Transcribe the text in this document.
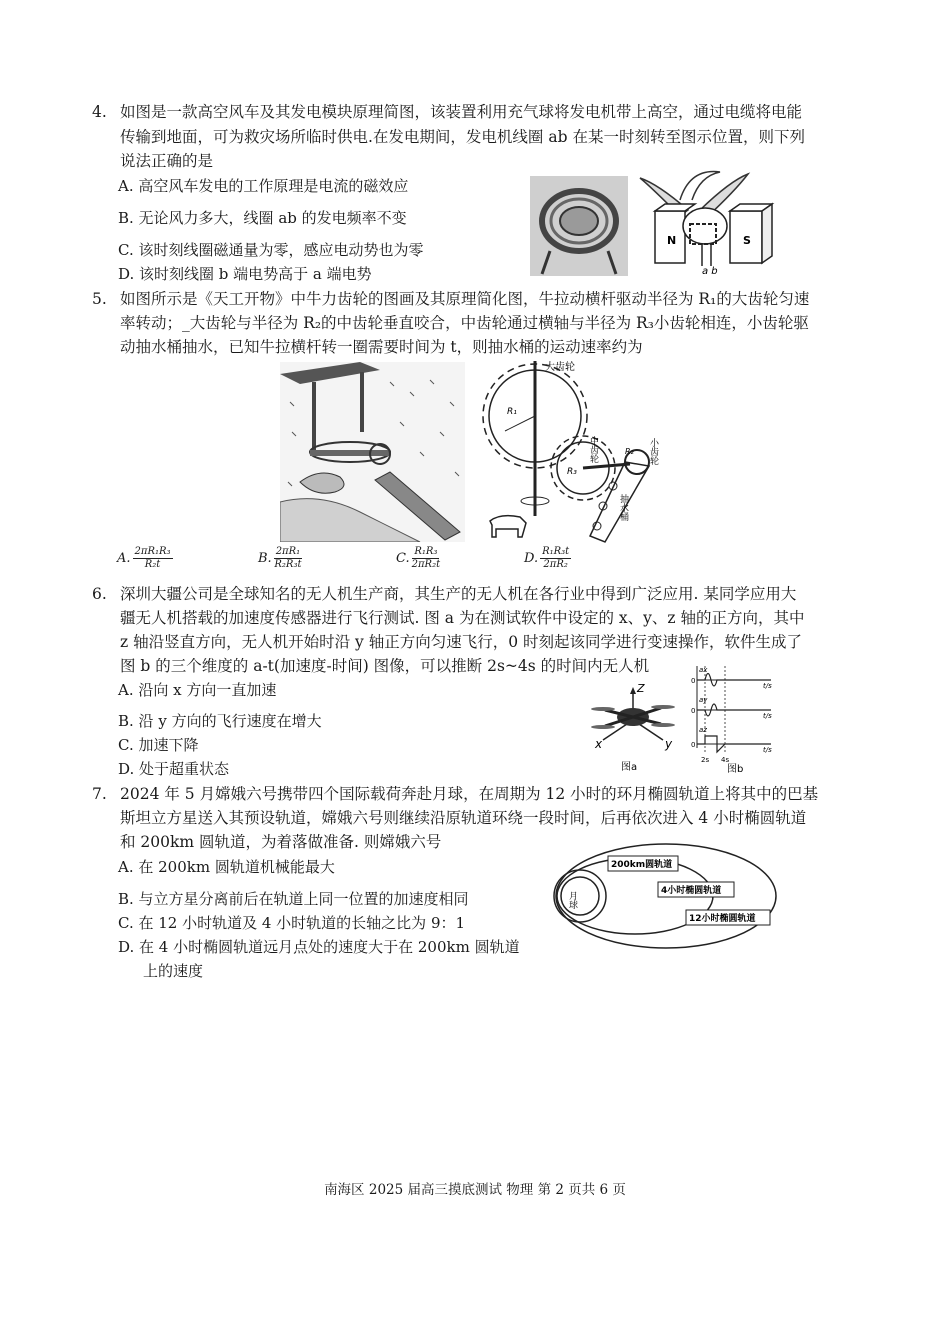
4. 如图是一款高空风车及其发电模块原理简图，该装置利用充气球将发电机带上高空，通过电缆将电能
传输到地面，可为救灾场所临时供电.在发电期间，发电机线圈 ab 在某一时刻转至图示位置，则下列
说法正确的是
A. 高空风车发电的工作原理是电流的磁效应
B. 无论风力多大，线圈 ab 的发电频率不变
C. 该时刻线圈磁通量为零，感应电动势也为零
D. 该时刻线圈 b 端电势高于 a 端电势
N	S
a b
5. 如图所示是《天工开物》中牛力齿轮的图画及其原理简化图，牛拉动横杆驱动半径为 R₁的大齿轮匀速
率转动；_大齿轮与半径为 R₂的中齿轮垂直咬合，中齿轮通过横轴与半径为 R₃小齿轮相连，小齿轮驱
动抽水桶抽水，已知牛拉横杆转一圈需要时间为 t，则抽水桶的运动速率约为
大齿轮
R₁
R₃
R₂
中齿轮	小齿轮
抽水桶
A. $\frac{\text{2πR₁R₃}}{\text{R₂t}}$	B. $\frac{\text{2πR₁}}{\text{R₂R₃t}}$	C. $\frac{\text{R₁R₃}}{\text{2πR₂t}}$	D. $\frac{\text{R₁R₃t}}{\text{2πR₂}}$
6. 深圳大疆公司是全球知名的无人机生产商，其生产的无人机在各行业中得到广泛应用. 某同学应用大
疆无人机搭载的加速度传感器进行飞行测试. 图 a 为在测试软件中设定的 x、y、z 轴的正方向，其中
z 轴沿竖直方向，无人机开始时沿 y 轴正方向匀速飞行，0 时刻起该同学进行变速操作，软件生成了
图 b 的三个维度的 a-t(加速度-时间) 图像，可以推断 2s~4s 的时间内无人机
A. 沿向 x 方向一直加速
B. 沿 y 方向的飞行速度在增大
C. 加速下降
D. 处于超重状态
Z
x	y
图a
ax
ay
az
0
0
0
t/s
t/s
t/s
2s 4s
图b
7. 2024 年 5 月嫦娥六号携带四个国际载荷奔赴月球，在周期为 12 小时的环月椭圆轨道上将其中的巴基
斯坦立方星送入其预设轨道，嫦娥六号则继续沿原轨道环绕一段时间，后再依次进入 4 小时椭圆轨道
和 200km 圆轨道，为着落做准备. 则嫦娥六号
A. 在 200km 圆轨道机械能最大
B. 与立方星分离前后在轨道上同一位置的加速度相同
C. 在 12 小时轨道及 4 小时轨道的长轴之比为 9：1
D. 在 4 小时椭圆轨道远月点处的速度大于在 200km 圆轨道
上的速度
月球
200km圆轨道
4小时椭圆轨道
12小时椭圆轨道
南海区 2025 届高三摸底测试 物理 第 2 页共 6 页
